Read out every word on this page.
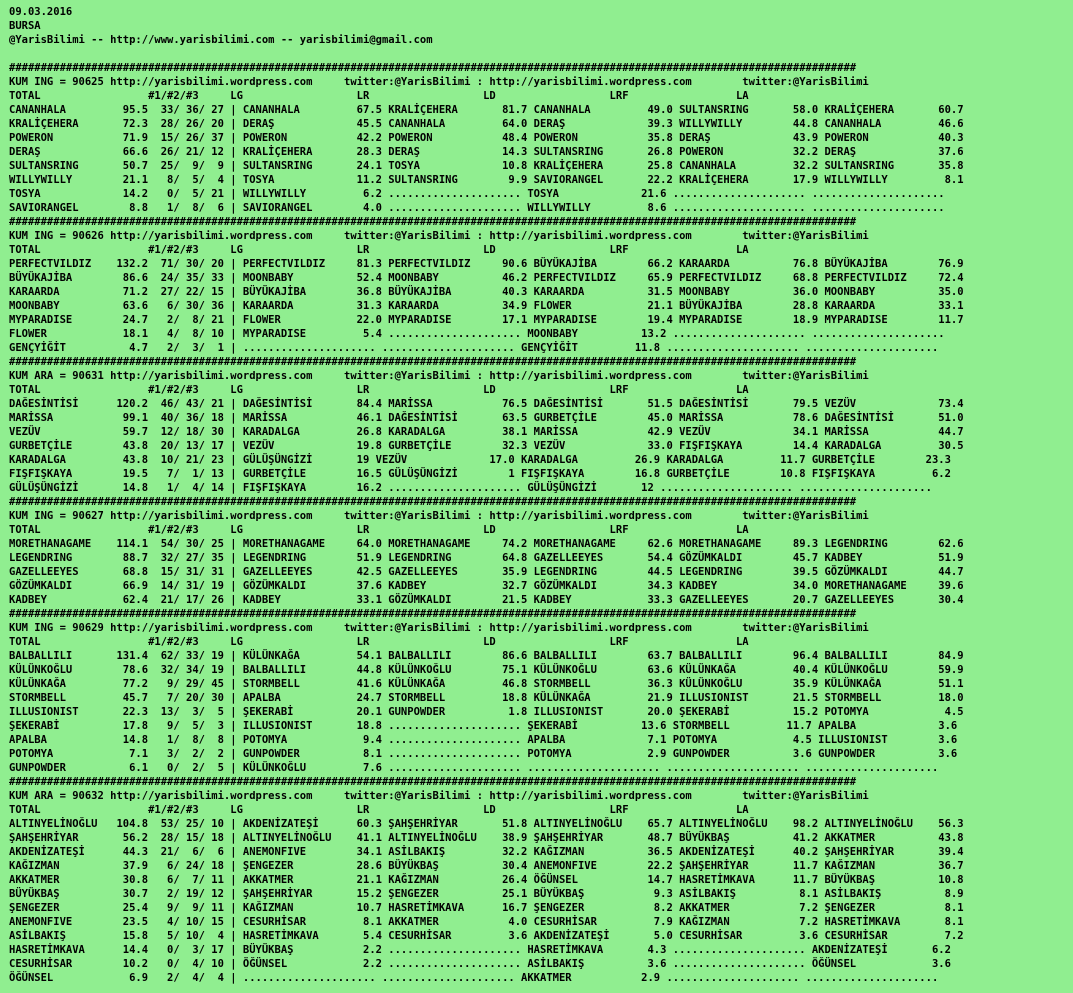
09.03.2016
BURSA
@YarisBilimi -- http://www.yarisbilimi.com -- yarisbilimi@gmail.com
######################################################################################################################################
KUM ING = 90625 http://yarisbilimi.wordpress.com     twitter:@YarisBilimi : http://yarisbilimi.wordpress.com        twitter:@YarisBilimi
TOTAL                 #1/#2/#3     LG                  LR                  LD                  LRF                 LA
CANANHALA         95.5  33/ 36/ 27 | CANANHALA         67.5 KRALİÇEHERA       81.7 CANANHALA         49.0 SULTANSRING       58.0 KRALİÇEHERA       60.7
KRALİÇEHERA       72.3  28/ 26/ 20 | DERAŞ             45.5 CANANHALA         64.0 DERAŞ             39.3 WILLYWILLY        44.8 CANANHALA         46.6
POWERON           71.9  15/ 26/ 37 | POWERON           42.2 POWERON           48.4 POWERON           35.8 DERAŞ             43.9 POWERON           40.3
DERAŞ             66.6  26/ 21/ 12 | KRALİÇEHERA       28.3 DERAŞ             14.3 SULTANSRING       26.8 POWERON           32.2 DERAŞ             37.6
SULTANSRING       50.7  25/  9/  9 | SULTANSRING       24.1 TOSYA             10.8 KRALİÇEHERA       25.8 CANANHALA         32.2 SULTANSRING       35.8
WILLYWILLY        21.1   8/  5/  4 | TOSYA             11.2 SULTANSRING        9.9 SAVIORANGEL       22.2 KRALİÇEHERA       17.9 WILLYWILLY         8.1
TOSYA             14.2   0/  5/ 21 | WILLYWILLY         6.2 ..................... TOSYA             21.6 ..................... .....................
SAVIORANGEL        8.8   1/  8/  6 | SAVIORANGEL        4.0 ..................... WILLYWILLY         8.6 ..................... .....................
######################################################################################################################################
KUM ING = 90626 http://yarisbilimi.wordpress.com     twitter:@YarisBilimi : http://yarisbilimi.wordpress.com        twitter:@YarisBilimi
TOTAL                 #1/#2/#3     LG                  LR                  LD                  LRF                 LA
PERFECTVILDIZ    132.2  71/ 30/ 20 | PERFECTVILDIZ     81.3 PERFECTVILDIZ     90.6 BÜYÜKAJİBA        66.2 KARAARDA          76.8 BÜYÜKAJİBA        76.9
BÜYÜKAJİBA        86.6  24/ 35/ 33 | MOONBABY          52.4 MOONBABY          46.2 PERFECTVILDIZ     65.9 PERFECTVILDIZ     68.8 PERFECTVILDIZ     72.4
KARAARDA          71.2  27/ 22/ 15 | BÜYÜKAJİBA        36.8 BÜYÜKAJİBA        40.3 KARAARDA          31.5 MOONBABY          36.0 MOONBABY          35.0
MOONBABY          63.6   6/ 30/ 36 | KARAARDA          31.3 KARAARDA          34.9 FLOWER            21.1 BÜYÜKAJİBA        28.8 KARAARDA          33.1
MYPARADISE        24.7   2/  8/ 21 | FLOWER            22.0 MYPARADISE        17.1 MYPARADISE        19.4 MYPARADISE        18.9 MYPARADISE        11.7
FLOWER            18.1   4/  8/ 10 | MYPARADISE         5.4 ..................... MOONBABY          13.2 ..................... .....................
GENÇYİĞİT          4.7   2/  3/  1 | ..................... ..................... GENÇYİĞİT         11.8 ..................... .....................
######################################################################################################################################
KUM ARA = 90631 http://yarisbilimi.wordpress.com     twitter:@YarisBilimi : http://yarisbilimi.wordpress.com        twitter:@YarisBilimi
TOTAL                 #1/#2/#3     LG                  LR                  LD                  LRF                 LA
DAĞESİNTİSİ      120.2  46/ 43/ 21 | DAĞESİNTİSİ       84.4 MARİSSA           76.5 DAĞESİNTİSİ       51.5 DAĞESİNTİSİ       79.5 VEZÜV             73.4
MARİSSA           99.1  40/ 36/ 18 | MARİSSA           46.1 DAĞESİNTİSİ       63.5 GURBETÇİLE        45.0 MARİSSA           78.6 DAĞESİNTİSİ       51.0
VEZÜV             59.7  12/ 18/ 30 | KARADALGA         26.8 KARADALGA         38.1 MARİSSA           42.9 VEZÜV             34.1 MARİSSA           44.7
GURBETÇİLE        43.8  20/ 13/ 17 | VEZÜV             19.8 GURBETÇİLE        32.3 VEZÜV             33.0 FIŞFIŞKAYA        14.4 KARADALGA         30.5
KARADALGA         43.8  10/ 21/ 23 | GÜLÜŞÜNGİZİ       19 VEZÜV             17.0 KARADALGA         26.9 KARADALGA         11.7 GURBETÇİLE        23.3
FIŞFIŞKAYA        19.5   7/  1/ 13 | GURBETÇİLE        16.5 GÜLÜŞÜNGİZİ        1 FIŞFIŞKAYA        16.8 GURBETÇİLE        10.8 FIŞFIŞKAYA         6.2
GÜLÜŞÜNGİZİ       14.8   1/  4/ 14 | FIŞFIŞKAYA        16.2 ..................... GÜLÜŞÜNGİZİ       12 ..................... .....................
######################################################################################################################################
KUM ING = 90627 http://yarisbilimi.wordpress.com     twitter:@YarisBilimi : http://yarisbilimi.wordpress.com        twitter:@YarisBilimi
TOTAL                 #1/#2/#3     LG                  LR                  LD                  LRF                 LA
MORETHANAGAME    114.1  54/ 30/ 25 | MORETHANAGAME     64.0 MORETHANAGAME     74.2 MORETHANAGAME     62.6 MORETHANAGAME     89.3 LEGENDRING        62.6
LEGENDRING        88.7  32/ 27/ 35 | LEGENDRING        51.9 LEGENDRING        64.8 GAZELLEEYES       54.4 GÖZÜMKALDI        45.7 KADBEY            51.9
GAZELLEEYES       68.8  15/ 31/ 31 | GAZELLEEYES       42.5 GAZELLEEYES       35.9 LEGENDRING        44.5 LEGENDRING        39.5 GÖZÜMKALDI        44.7
GÖZÜMKALDI        66.9  14/ 31/ 19 | GÖZÜMKALDI        37.6 KADBEY            32.7 GÖZÜMKALDI        34.3 KADBEY            34.0 MORETHANAGAME     39.6
KADBEY            62.4  21/ 17/ 26 | KADBEY            33.1 GÖZÜMKALDI        21.5 KADBEY            33.3 GAZELLEEYES       20.7 GAZELLEEYES       30.4
######################################################################################################################################
KUM ING = 90629 http://yarisbilimi.wordpress.com     twitter:@YarisBilimi : http://yarisbilimi.wordpress.com        twitter:@YarisBilimi
TOTAL                 #1/#2/#3     LG                  LR                  LD                  LRF                 LA
BALBALLILI       131.4  62/ 33/ 19 | KÜLÜNKAĞA         54.1 BALBALLILI        86.6 BALBALLILI        63.7 BALBALLILI        96.4 BALBALLILI        84.9
KÜLÜNKOĞLU        78.6  32/ 34/ 19 | BALBALLILI        44.8 KÜLÜNKOĞLU        75.1 KÜLÜNKOĞLU        63.6 KÜLÜNKAĞA         40.4 KÜLÜNKOĞLU        59.9
KÜLÜNKAĞA         77.2   9/ 29/ 45 | STORMBELL         41.6 KÜLÜNKAĞA         46.8 STORMBELL         36.3 KÜLÜNKOĞLU        35.9 KÜLÜNKAĞA         51.1
STORMBELL         45.7   7/ 20/ 30 | APALBA            24.7 STORMBELL         18.8 KÜLÜNKAĞA         21.9 ILLUSIONIST       21.5 STORMBELL         18.0
ILLUSIONIST       22.3  13/  3/  5 | ŞEKERABİ          20.1 GUNPOWDER          1.8 ILLUSIONIST       20.0 ŞEKERABİ          15.2 POTOMYA            4.5
ŞEKERABİ          17.8   9/  5/  3 | ILLUSIONIST       18.8 ..................... ŞEKERABİ          13.6 STORMBELL         11.7 APALBA             3.6
APALBA            14.8   1/  8/  8 | POTOMYA            9.4 ..................... APALBA             7.1 POTOMYA            4.5 ILLUSIONIST        3.6
POTOMYA            7.1   3/  2/  2 | GUNPOWDER          8.1 ..................... POTOMYA            2.9 GUNPOWDER          3.6 GUNPOWDER          3.6
GUNPOWDER          6.1   0/  2/  5 | KÜLÜNKOĞLU         7.6 ..................... ..................... ..................... .....................
######################################################################################################################################
KUM ARA = 90632 http://yarisbilimi.wordpress.com     twitter:@YarisBilimi : http://yarisbilimi.wordpress.com        twitter:@YarisBilimi
TOTAL                 #1/#2/#3     LG                  LR                  LD                  LRF                 LA
ALTINYELİNOĞLU   104.8  53/ 25/ 10 | AKDENİZATEŞİ      60.3 ŞAHŞEHRİYAR       51.8 ALTINYELİNOĞLU    65.7 ALTINYELİNOĞLU    98.2 ALTINYELİNOĞLU    56.3
ŞAHŞEHRİYAR       56.2  28/ 15/ 18 | ALTINYELİNOĞLU    41.1 ALTINYELİNOĞLU    38.9 ŞAHŞEHRİYAR       48.7 BÜYÜKBAŞ          41.2 AKKATMER          43.8
AKDENİZATEŞİ      44.3  21/  6/  6 | ANEMONFIVE        34.1 ASİLBAKIŞ         32.2 KAĞIZMAN          36.5 AKDENİZATEŞİ      40.2 ŞAHŞEHRİYAR       39.4
KAĞIZMAN          37.9   6/ 24/ 18 | ŞENGEZER          28.6 BÜYÜKBAŞ          30.4 ANEMONFIVE        22.2 ŞAHŞEHRİYAR       11.7 KAĞIZMAN          36.7
AKKATMER          30.8   6/  7/ 11 | AKKATMER          21.1 KAĞIZMAN          26.4 ÖĞÜNSEL           14.7 HASRETİMKAVA      11.7 BÜYÜKBAŞ          10.8
BÜYÜKBAŞ          30.7   2/ 19/ 12 | ŞAHŞEHRİYAR       15.2 ŞENGEZER          25.1 BÜYÜKBAŞ           9.3 ASİLBAKIŞ          8.1 ASİLBAKIŞ          8.9
ŞENGEZER          25.4   9/  9/ 11 | KAĞIZMAN          10.7 HASRETİMKAVA      16.7 ŞENGEZER           8.2 AKKATMER           7.2 ŞENGEZER           8.1
ANEMONFIVE        23.5   4/ 10/ 15 | CESURHİSAR         8.1 AKKATMER           4.0 CESURHİSAR         7.9 KAĞIZMAN           7.2 HASRETİMKAVA       8.1
ASİLBAKIŞ         15.8   5/ 10/  4 | HASRETİMKAVA       5.4 CESURHİSAR         3.6 AKDENİZATEŞİ       5.0 CESURHİSAR         3.6 CESURHİSAR         7.2
HASRETİMKAVA      14.4   0/  3/ 17 | BÜYÜKBAŞ           2.2 ..................... HASRETİMKAVA       4.3 ..................... AKDENİZATEŞİ       6.2
CESURHİSAR        10.2   0/  4/ 10 | ÖĞÜNSEL            2.2 ..................... ASİLBAKIŞ          3.6 ..................... ÖĞÜNSEL            3.6
ÖĞÜNSEL            6.9   2/  4/  4 | ..................... ..................... AKKATMER           2.9 ..................... .....................
